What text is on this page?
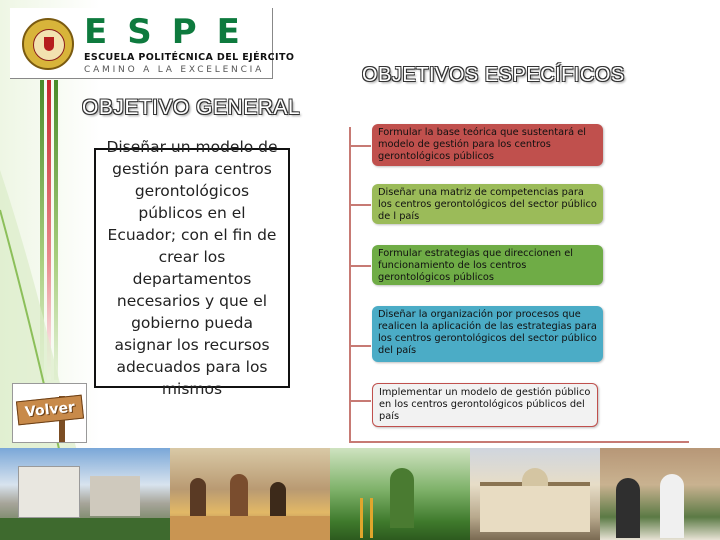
ESPE
ESCUELA POLITÉCNICA DEL EJÉRCITO
CAMINO A LA EXCELENCIA
OBJETIVO GENERAL
Diseñar un modelo de gestión para centros gerontológicos públicos en el Ecuador; con el fin de crear los departamentos necesarios y que el gobierno pueda asignar los recursos adecuados para los mismos
OBJETIVOS ESPECÍFICOS
Formular la base teórica que sustentará el modelo de gestión para los centros gerontológicos públicos
Diseñar una matriz de competencias para los centros gerontológicos del sector público de l país
Formular estrategias que direccionen el funcionamiento de los centros gerontológicos públicos
Diseñar la organización por procesos que realicen la aplicación de las estrategias para los centros gerontológicos del sector público del país
Implementar un modelo de gestión público en los centros gerontológicos públicos del país
Volver
